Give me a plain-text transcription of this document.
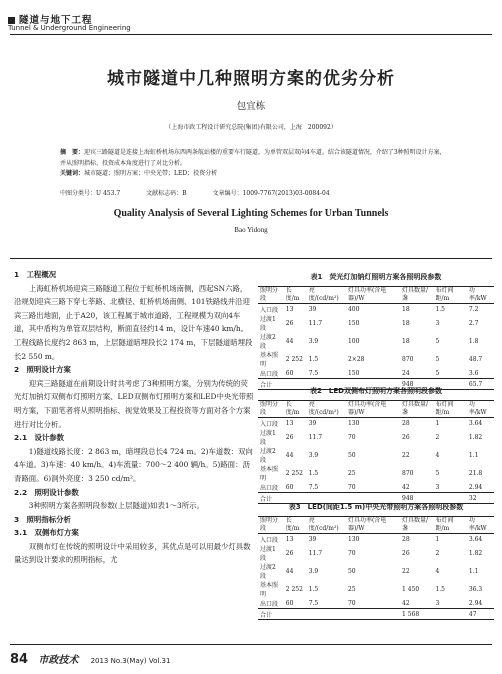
隧道与地下工程
Tunnel & Underground Engineering
城市隧道中几种照明方案的优劣分析
包宜栋
（上海市政工程设计研究总院(集团)有限公司，上海　200092）
摘　要：迎宾三路隧道是连接上海虹桥机场东西两条航站楼的重要车行隧道，为单管双层双向4车道。结合该隧道情况，介绍了3种照明设计方案，并从照明指标、投资成本角度进行了对比分析。
关键词：城市隧道；照明方案；中央光带；LED；投资分析
中图分类号：U 453.7	文献标志码：B	文章编号：1009-7767(2013)03-0084-04
Quality Analysis of Several Lighting Schemes for Urban Tunnels
Bao Yidong
1　工程概况

上海虹桥机场迎宾三路隧道工程位于虹桥机场南侧，西起SN六路，沿规划迎宾三路下穿七莘路、北横径、虹桥机场南侧、101铁路线并沿迎宾三路出地面，止于A20，该工程属于城市道路，工程规模为双向4车道，其中盾构为单管双层结构，断面直径约14 m，设计车速40 km/h。工程线路长度约2 863 m，上层隧道暗埋段长2 174 m，下层隧道暗埋段长2 550 m。

2　照明设计方案

迎宾三路隧道在前期设计时共考虑了3种照明方案，分别为传统的荧光灯加钠灯双侧布灯照明方案、LED双侧布灯照明方案和LED中央光带照明方案，下面笔者将从照明指标、视觉效果及工程投资等方面对各个方案进行对比分析。

2.1　设计参数

1)隧道线路长度：2 863 m，暗埋段总长4 724 m。2)车道数：双向4车道。3)车速：40 km/h。4)车流量：700～2 400 辆/h。5)路面：沥青路面。6)洞外亮度：3 250 cd/m²。

2.2　照明设计参数

3种照明方案各照明段参数(上层隧道)如表1～3所示。

3　照明指标分析
3.1　双侧布灯方案

双侧布灯在传统的照明设计中采用较多，其优点是可以用最少灯具数量达到设计要求的照明指标，尤

表1　荧光灯加钠灯照明方案各照明段参数
照明分段	长度/m	亮度/(cd/m²)	灯具功率(含电器)/W	灯具数量/盏	布灯间距/m	功率/kW
入口段	13	39	400	18	1.5	7.2
过渡1段	26	11.7	150	18	3	2.7
过渡2段	44	3.9	100	18	5	1.8
基本照明	2 252	1.5	2×28	870	5	48.7
出口段	60	7.5	150	24	5	3.6
合计				948		65.7
表2　LED双侧布灯照明方案各照明段参数
照明分段	长度/m	亮度/(cd/m²)	灯具功率(含电器)/W	灯具数量/盏	布灯间距/m	功率/kW
入口段	13	39	130	28	1	3.64
过渡1段	26	11.7	70	26	2	1.82
过渡2段	44	3.9	50	22	4	1.1
基本照明	2 252	1.5	25	870	5	21.8
出口段	60	7.5	70	42	3	2.94
合计				948		32
表3　LED(间距1.5 m)中央光带照明方案各照明段参数
照明分段	长度/m	亮度/(cd/m²)	灯具功率(含电器)/W	灯具数量/盏	布灯间距/m	功率/kW
入口段	13	39	130	28	1	3.64
过渡1段	26	11.7	70	26	2	1.82
过渡2段	44	3.9	50	22	4	1.1
基本照明	2 252	1.5	25	1 450	1.5	36.3
出口段	60	7.5	70	42	3	2.94
合计				1 568		47
84 市政技术 2013 No.3(May) Vol.31
